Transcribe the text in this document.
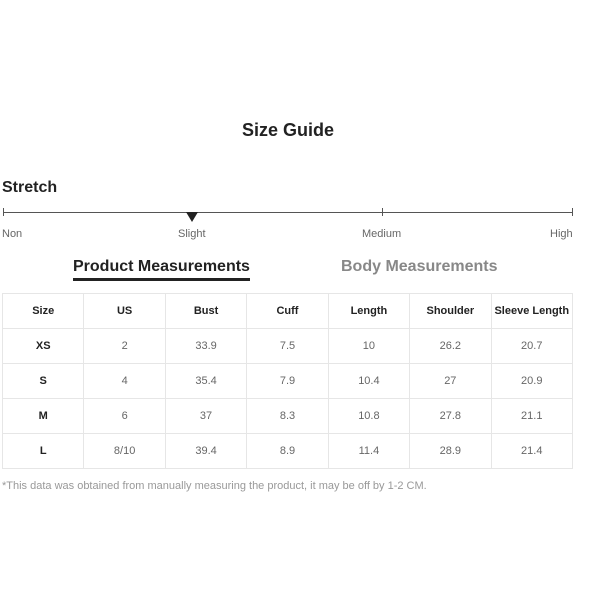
Size Guide
Stretch
Non	Slight	Medium	High
Product Measurements	Body Measurements
Size	US	Bust	Cuff	Length	Shoulder	Sleeve Length
XS	2	33.9	7.5	10	26.2	20.7
S	4	35.4	7.9	10.4	27	20.9
M	6	37	8.3	10.8	27.8	21.1
L	8/10	39.4	8.9	11.4	28.9	21.4
*This data was obtained from manually measuring the product, it may be off by 1-2 CM.
